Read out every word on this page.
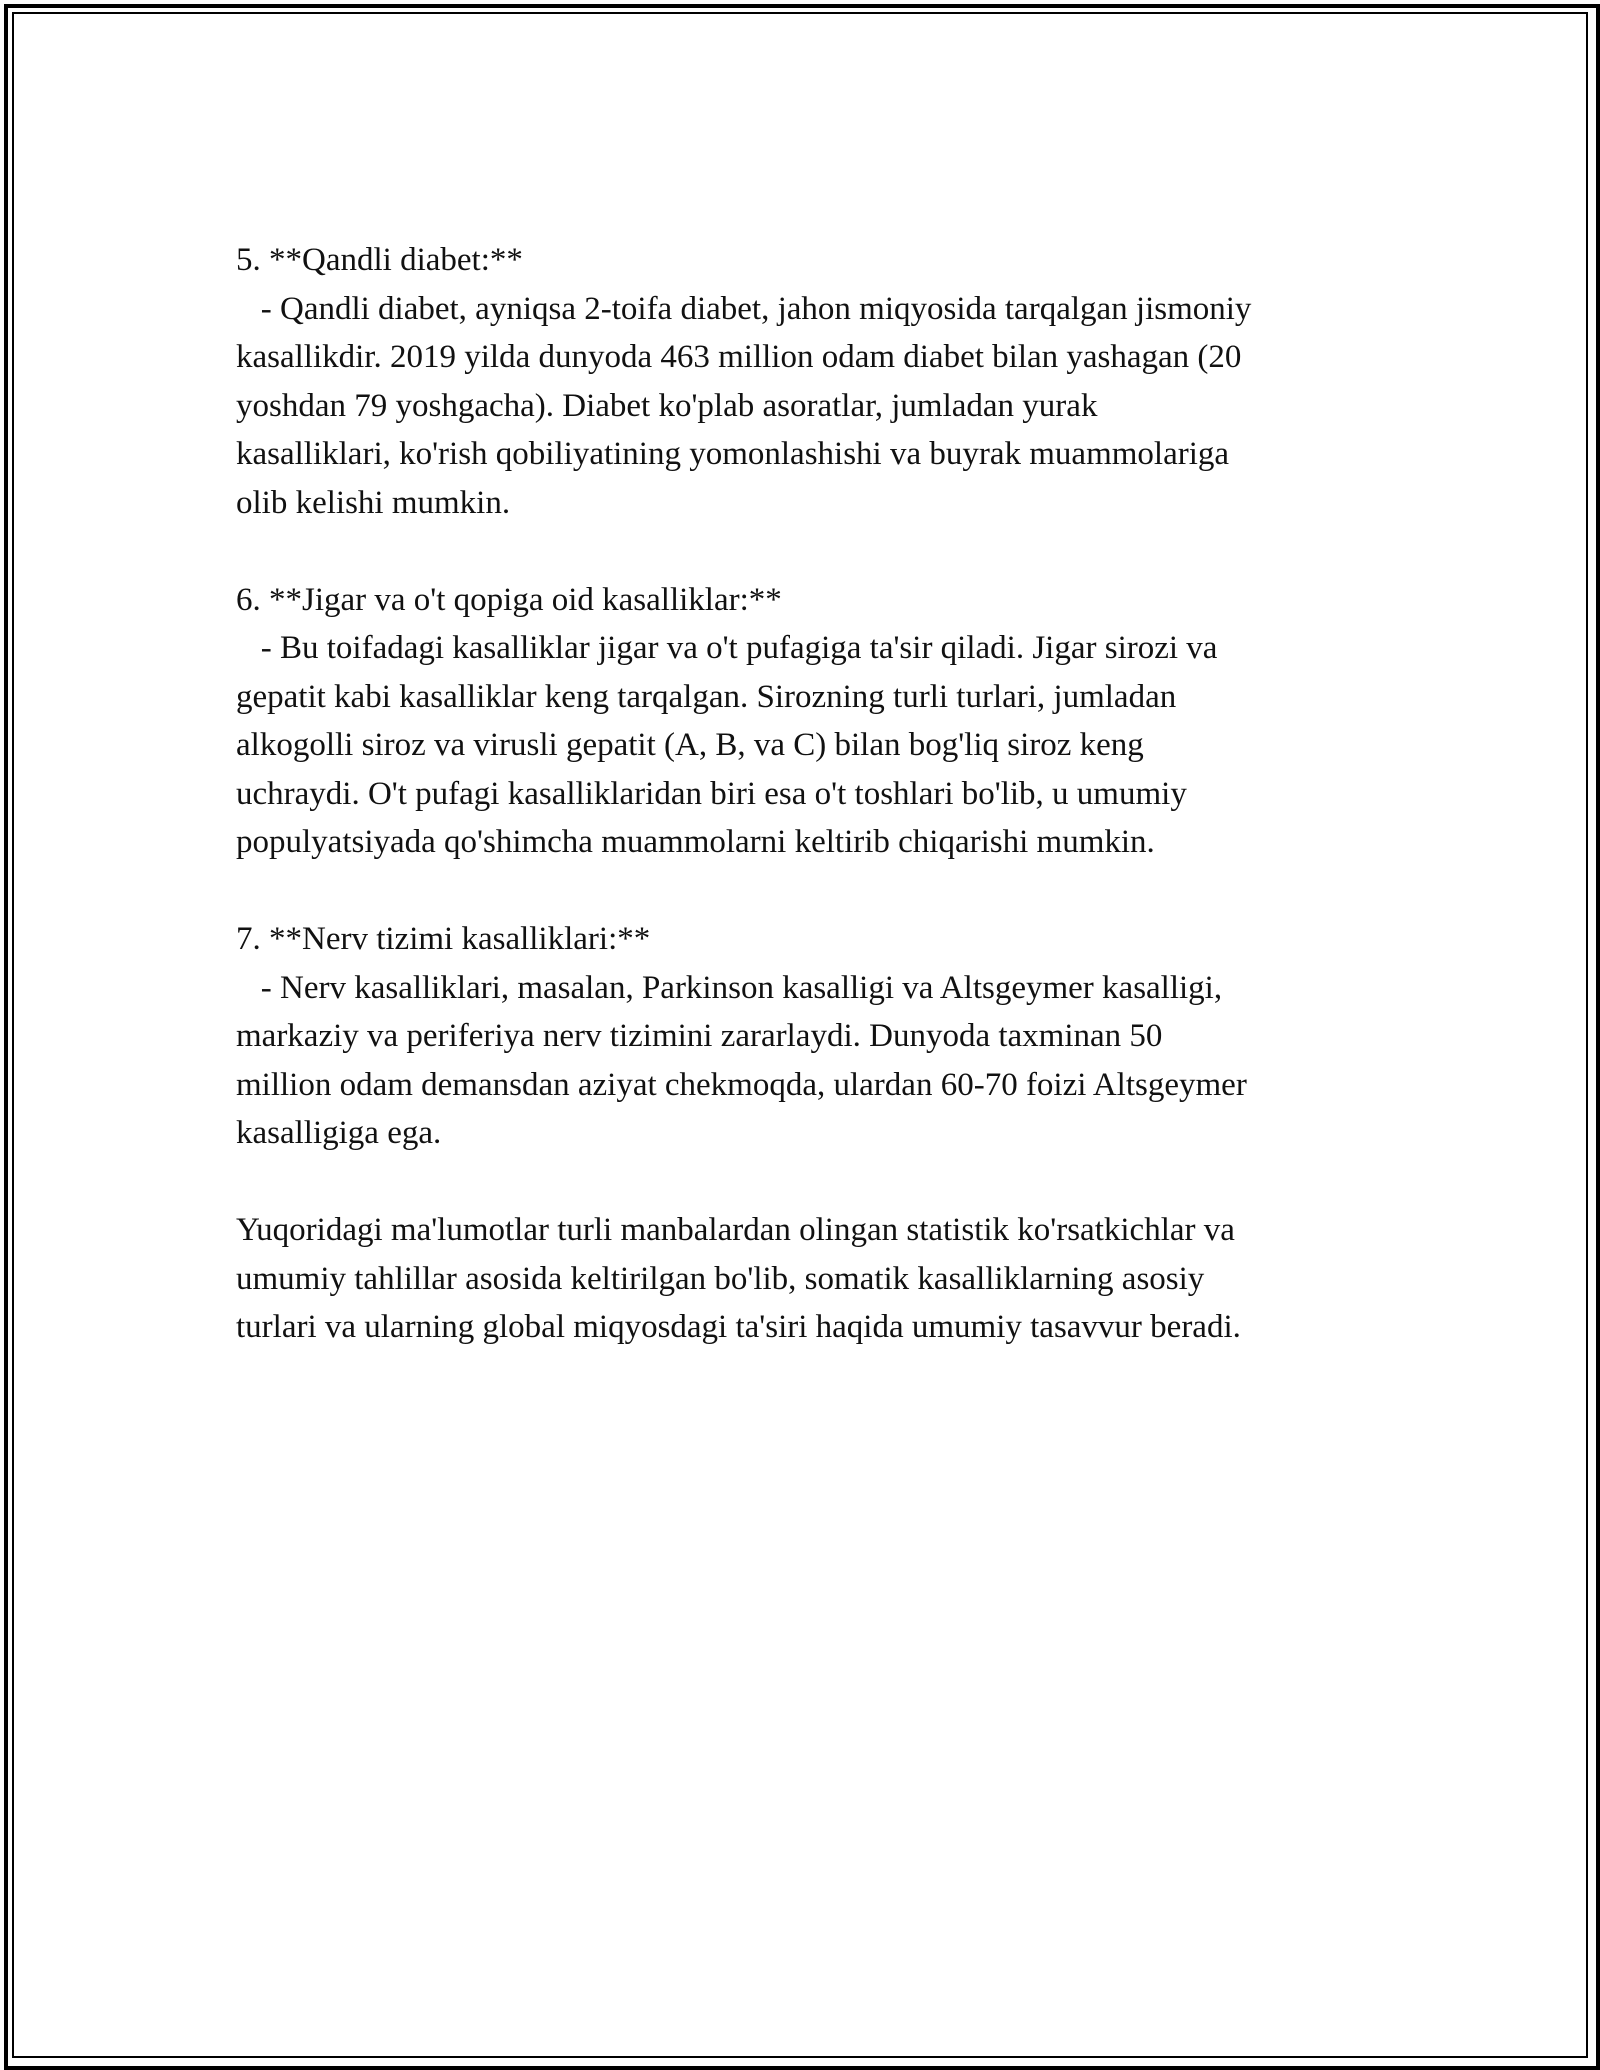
5. **Qandli diabet:**
- Qandli diabet, ayniqsa 2-toifa diabet, jahon miqyosida tarqalgan jismoniy
kasallikdir. 2019 yilda dunyoda 463 million odam diabet bilan yashagan (20
yoshdan 79 yoshgacha). Diabet ko'plab asoratlar, jumladan yurak
kasalliklari, ko'rish qobiliyatining yomonlashishi va buyrak muammolariga
olib kelishi mumkin.
6. **Jigar va o't qopiga oid kasalliklar:**
- Bu toifadagi kasalliklar jigar va o't pufagiga ta'sir qiladi. Jigar sirozi va
gepatit kabi kasalliklar keng tarqalgan. Sirozning turli turlari, jumladan
alkogolli siroz va virusli gepatit (A, B, va C) bilan bog'liq siroz keng
uchraydi. O't pufagi kasalliklaridan biri esa o't toshlari bo'lib, u umumiy
populyatsiyada qo'shimcha muammolarni keltirib chiqarishi mumkin.
7. **Nerv tizimi kasalliklari:**
- Nerv kasalliklari, masalan, Parkinson kasalligi va Altsgeymer kasalligi,
markaziy va periferiya nerv tizimini zararlaydi. Dunyoda taxminan 50
million odam demansdan aziyat chekmoqda, ulardan 60-70 foizi Altsgeymer
kasalligiga ega.
Yuqoridagi ma'lumotlar turli manbalardan olingan statistik ko'rsatkichlar va
umumiy tahlillar asosida keltirilgan bo'lib, somatik kasalliklarning asosiy
turlari va ularning global miqyosdagi ta'siri haqida umumiy tasavvur beradi.
